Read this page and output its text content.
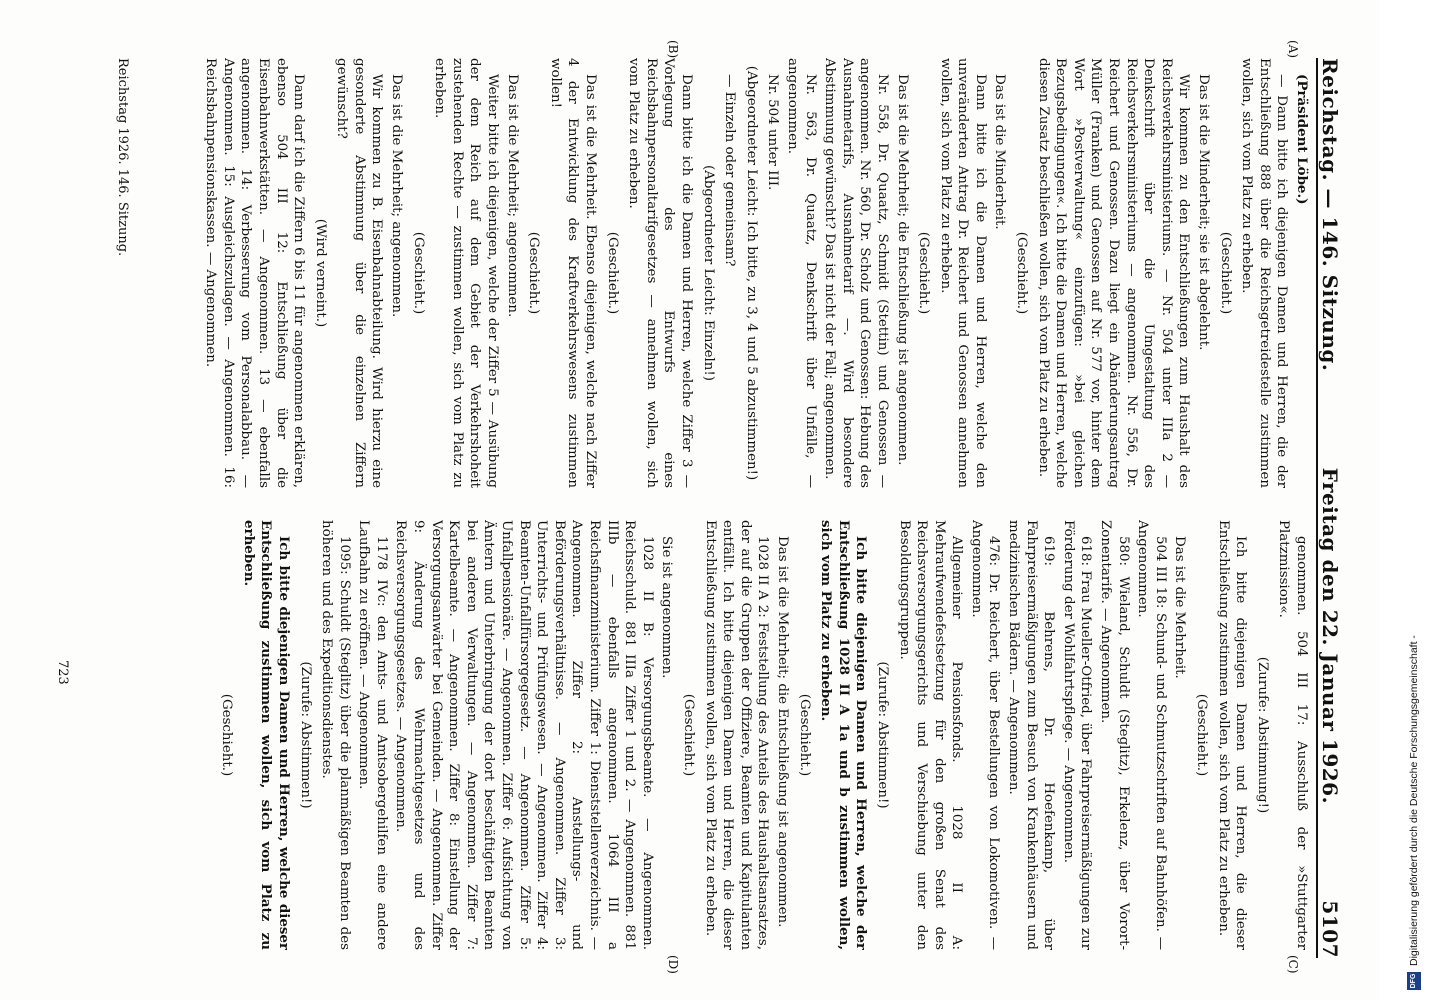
Reichstag. — 146. Sitzung.
Freitag den 22. Januar 1926.
5107
(A)
(B)
(C)
(D)

(Präsident Löbe.)

— Dann bitte ich diejenigen Damen und Herren, die der Entschließung 888 über die Reichsgetreidestelle zustimmen wollen, sich vom Platz zu erheben.

(Geschieht.)

Das ist die Minderheit; sie ist abgelehnt.

Wir kommen zu den Entschließungen zum Haushalt des Reichsverkehrsministeriums. — Nr. 504 unter IIIa 2 — Denkschrift über die Umgestaltung des Reichsverkehrsministeriums — angenommen. Nr. 556, Dr. Reichert und Genossen. Dazu liegt ein Abänderungsantrag Müller (Franken) und Genossen auf Nr. 577 vor, hinter dem Wort »Postverwaltung« einzufügen: »bei gleichen Bezugsbedingungen«. Ich bitte die Damen und Herren, welche diesen Zusatz beschließen wollen, sich vom Platz zu erheben.

(Geschieht.)

Das ist die Minderheit.

Dann bitte ich die Damen und Herren, welche den unveränderten Antrag Dr. Reichert und Genossen annehmen wollen, sich vom Platz zu erheben.

(Geschieht.)

Das ist die Mehrheit; die Entschließung ist angenommen.

Nr. 558, Dr. Quaatz, Schmidt (Stettin) und Genossen — angenommen. Nr. 560, Dr. Scholz und Genossen: Hebung des Ausnahmetarifs, Ausnahmetarif —. Wird besondere Abstimmung gewünscht? Das ist nicht der Fall; angenommen.

Nr. 563, Dr. Quaatz, Denkschrift über Unfälle, — angenommen.

Nr. 504 unter III.

(Abgeordneter Leicht: Ich bitte, zu 3, 4 und 5 abzustimmen!)

— Einzeln oder gemeinsam?

(Abgeordneter Leicht: Einzeln!)

Dann bitte ich die Damen und Herren, welche Ziffer 3 — Vorlegung des Entwurfs eines Reichsbahnpersonaltarifgesetzes — annehmen wollen, sich vom Platz zu erheben.

(Geschieht.)

Das ist die Mehrheit. Ebenso diejenigen, welche nach Ziffer 4 der Entwicklung des Kraftverkehrswesens zustimmen wollen!

(Geschieht.)

Das ist die Mehrheit; angenommen.

Weiter bitte ich diejenigen, welche der Ziffer 5 — Ausübung der dem Reich auf dem Gebiet der Verkehrshoheit zustehenden Rechte — zustimmen wollen, sich vom Platz zu erheben.

(Geschieht.)

Das ist die Mehrheit; angenommen.

Wir kommen zu B. Eisenbahnabteilung. Wird hierzu eine gesonderte Abstimmung über die einzelnen Ziffern gewünscht?

(Wird verneint.)

Dann darf ich die Ziffern 6 bis 11 für angenommen erklären, ebenso 504 III 12: Entschließung über die Eisenbahnwerkstätten. — Angenommen. 13 — ebenfalls angenommen. 14: Verbesserung vom Personalabbau. — Angenommen. 15: Ausgleichszulagen. — Angenommen. 16: Reichsbahnpensionskassen. — Angenommen.

genommen. 504 III 17: Ausschluß der »Stuttgarter Platzmission«.

(Zurufe: Abstimmung!)

Ich bitte diejenigen Damen und Herren, die dieser Entschließung zustimmen wollen, sich vom Platz zu erheben.

(Geschieht.)

Das ist die Mehrheit.

504 III 18: Schund- und Schmutzschriften auf Bahnhöfen. — Angenommen.

580: Wieland, Schuldt (Steglitz), Erkelenz, über Vorort-Zonentarife. — Angenommen.

618: Frau Mueller-Otfried, über Fahrpreisermäßigungen zur Förderung der Wohlfahrtspflege. — Angenommen.

619: Behrens, Dr. Hoefenkamp, über Fahrpreisermäßigungen zum Besuch von Krankenhäusern und medizinischen Bädern. — Angenommen.

476: Dr. Reichert, über Bestellungen von Lokomotiven. — Angenommen.

Allgemeiner Pensionsfonds. 1028 II A: Mehraufwendefestsetzung für den großen Senat des Reichsversorgungsgerichts und Verschiebung unter den Besoldungsgruppen.

(Zurufe: Abstimmen!)

Ich bitte diejenigen Damen und Herren, welche der Entschließung 1028 II A 1a und b zustimmen wollen, sich vom Platz zu erheben.

(Geschieht.)

Das ist die Mehrheit; die Entschließung ist angenommen.

1028 II A 2: Feststellung des Anteils des Haushaltsansatzes, der auf die Gruppen der Offiziere, Beamten und Kapitulanten entfällt. Ich bitte diejenigen Damen und Herren, die dieser Entschließung zustimmen wollen, sich vom Platz zu erheben.

(Geschieht.)

Sie ist angenommen.

1028 II B: Versorgungsbeamte. — Angenommen. Reichsschuld. 881 IIIa Ziffer 1 und 2. — Angenommen. 881 IIIb — ebenfalls angenommen. 1064 III a Reichsfinanzministerium. Ziffer 1: Dienststellenverzeichnis. — Angenommen. Ziffer 2: Anstellungs- und Beförderungsverhältnisse. — Angenommen. Ziffer 3: Unterrichts- und Prüfungswesen. — Angenommen. Ziffer 4: Beamten-Unfallfürsorgegesetz. — Angenommen. Ziffer 5: Unfallpensionäre. — Angenommen. Ziffer 6: Aufsichtung von Ämtern und Unterbringung der dort beschäftigten Beamten bei anderen Verwaltungen. — Angenommen. Ziffer 7: Kartelbeamte. — Angenommen. Ziffer 8: Einstellung der Versorgungsanwärter bei Gemeinden. — Angenommen. Ziffer 9: Änderung des Wehrmachtgesetzes und des Reichsversorgungsgesetzes. — Angenommen.

1178 IVc: den Amts- und Amtsobergehilfen eine andere Laufbahn zu eröffnen. — Angenommen.

1095: Schuldt (Steglitz) über die planmäßigen Beamten des höheren und des Expeditionsdienstes.

(Zurufe: Abstimmen!)

Ich bitte diejenigen Damen und Herren, welche dieser Entschließung zustimmen wollen, sich vom Platz zu erheben.

(Geschieht.)

Reichstag 1926. 146. Sitzung.
723
DFG
Digitalisierung gefördert durch die Deutsche Forschungsgemeinschaft -
